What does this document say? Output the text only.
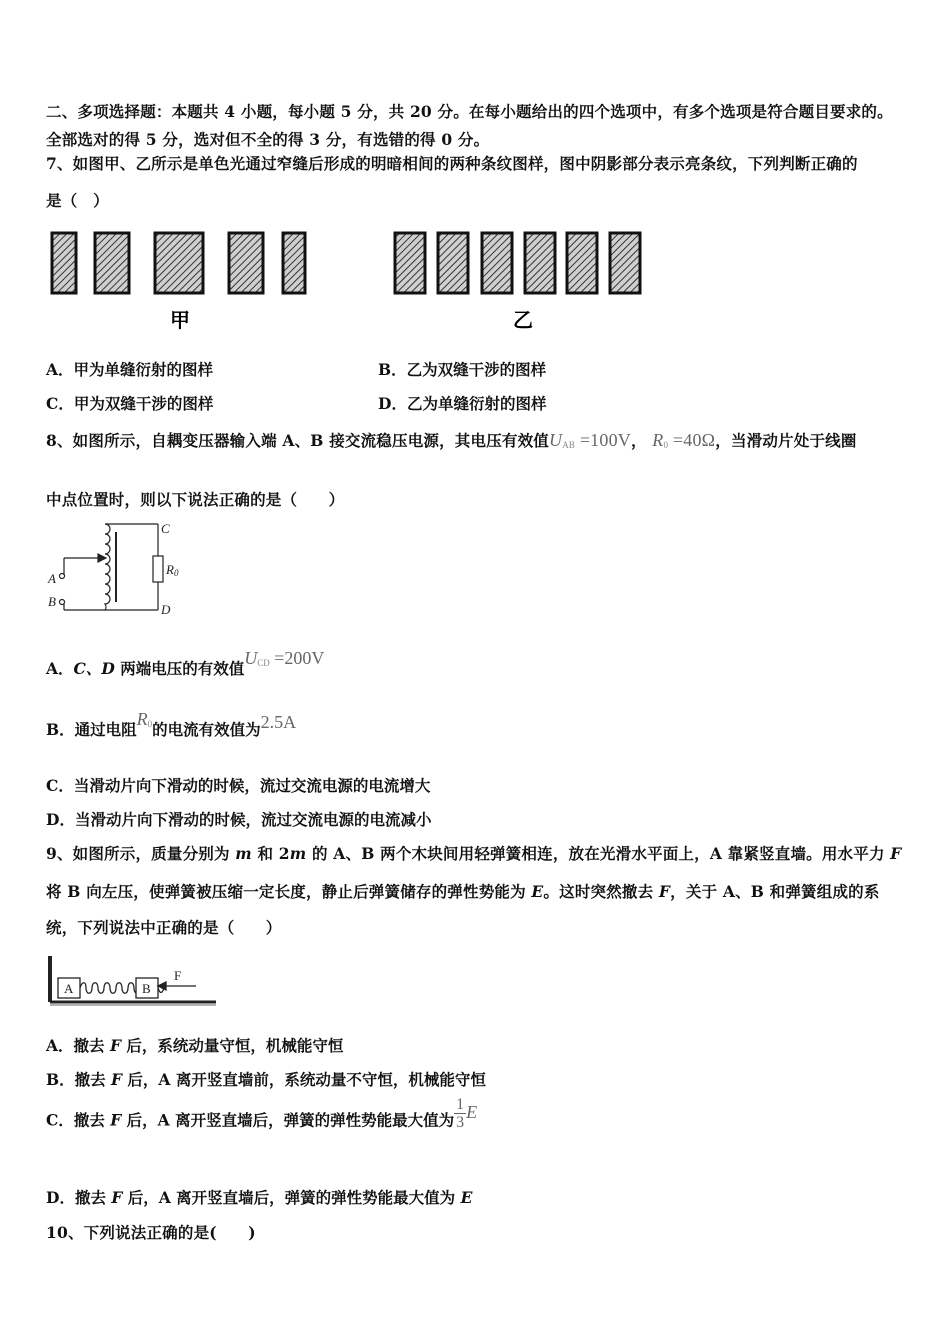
二、多项选择题：本题共 4 小题，每小题 5 分，共 20 分。在每小题给出的四个选项中，有多个选项是符合题目要求的。
全部选对的得 5 分，选对但不全的得 3 分，有选错的得 0 分。
7、如图甲、乙所示是单色光通过窄缝后形成的明暗相间的两种条纹图样，图中阴影部分表示亮条纹，下列判断正确的
是（　）
甲	乙
A．甲为单缝衍射的图样	B．乙为双缝干涉的图样
C．甲为双缝干涉的图样	D．乙为单缝衍射的图样
8、如图所示，自耦变压器输入端 A、B 接交流稳压电源，其电压有效值UAB =100V， R0 =40Ω，当滑动片处于线圈
中点位置时，则以下说法正确的是（　　）
C
D
A
B
R0
A．C、D 两端电压的有效值UCD =200V
B．通过电阻R0的电流有效值为2.5A
C．当滑动片向下滑动的时候，流过交流电源的电流增大
D．当滑动片向下滑动的时候，流过交流电源的电流减小
9、如图所示，质量分别为 m 和 2m 的 A、B 两个木块间用轻弹簧相连，放在光滑水平面上，A 靠紧竖直墙。用水平力 F
将 B 向左压，使弹簧被压缩一定长度，静止后弹簧储存的弹性势能为 E。这时突然撤去 F，关于 A、B 和弹簧组成的系
统，下列说法中正确的是（　　）
A	B
F
A．撤去 F 后，系统动量守恒，机械能守恒
B．撤去 F 后，A 离开竖直墙前，系统动量不守恒，机械能守恒
C．撤去 F 后，A 离开竖直墙后，弹簧的弹性势能最大值为 $\frac{1}{3}$ E
D．撤去 F 后，A 离开竖直墙后，弹簧的弹性势能最大值为 E
10、下列说法正确的是(　　)
